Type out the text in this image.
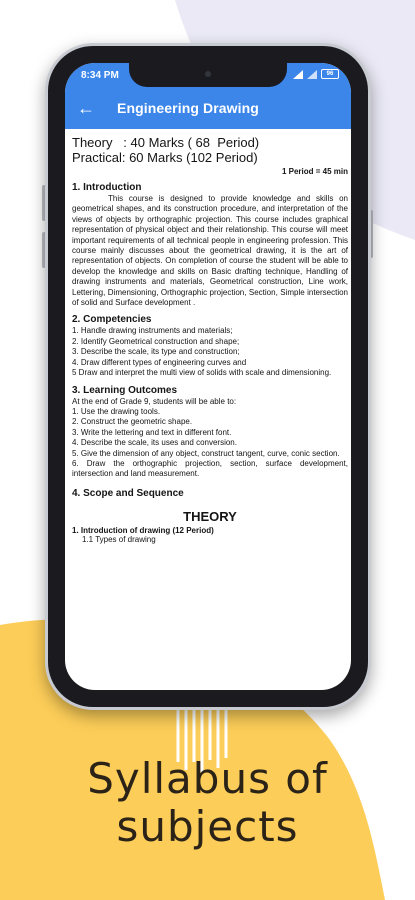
8:34 PM	96
← Engineering Drawing

Theory   : 40 Marks ( 68  Period)

Practical: 60 Marks (102 Period)

1 Period = 45 min
1. Introduction

This course is designed to provide knowledge and skills on geometrical shapes, and its construction procedure, and interpretation of the views of objects by orthographic projection. This course includes graphical representation of physical object and their relationship. This course will meet important requirements of all technical people in engineering profession. This course mainly discusses about the geometrical drawing, it is the art of representation of objects. On completion of course the student will be able to develop the knowledge and skills on Basic drafting technique, Handling of drawing instruments and materials, Geometrical construction, Line work, Lettering, Dimensioning, Orthographic projection, Section, Simple intersection of solid and Surface development .

2. Competencies

1. Handle drawing instruments and materials;

2. Identify Geometrical construction and shape;

3. Describe the scale, its type and construction;

4. Draw different types of engineering curves and

5 Draw and interpret the multi view of solids with scale and dimensioning.

3. Learning Outcomes

At the end of Grade 9, students will be able to:

1. Use the drawing tools.

2. Construct the geometric shape.

3. Write the lettering and text in different font.

4. Describe the scale, its uses and conversion.

5. Give the dimension of any object, construct tangent, curve, conic section.

6. Draw the orthographic projection, section, surface development, intersection and land measurement.

4. Scope and Sequence
THEORY

1. Introduction of drawing (12 Period)

1.1 Types of drawing

Syllabus of
subjects
